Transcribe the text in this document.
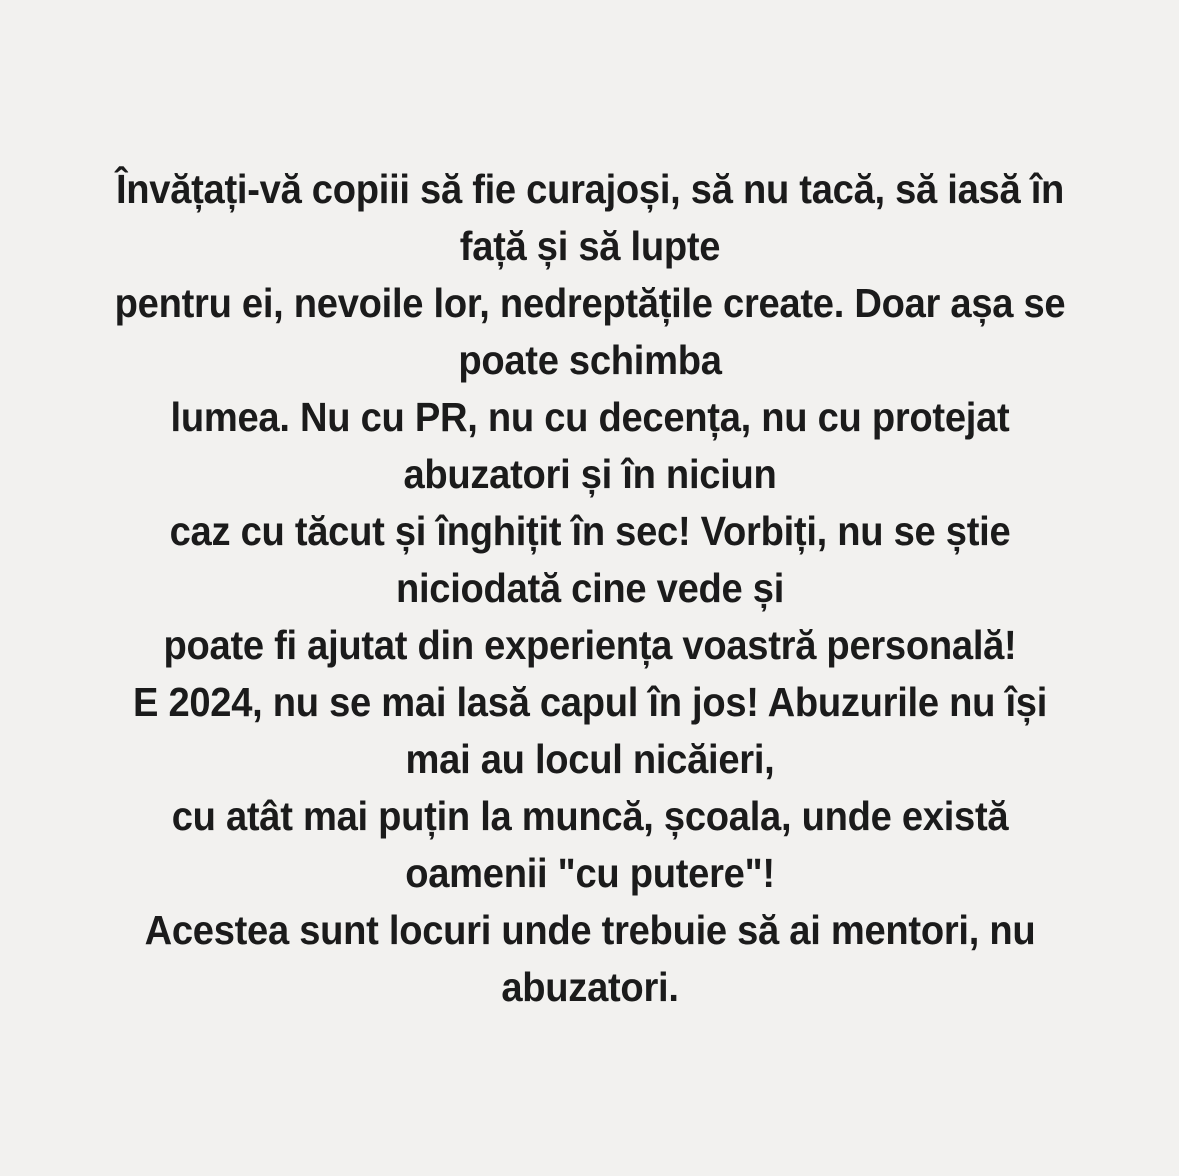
Învățați-vă copiii să fie curajoși, să nu tacă, să iasă în față și să lupte
pentru ei, nevoile lor, nedreptățile create. Doar așa se poate schimba
lumea. Nu cu PR, nu cu decența, nu cu protejat abuzatori și în niciun
caz cu tăcut și înghițit în sec! Vorbiți, nu se știe niciodată cine vede și
poate fi ajutat din experiența voastră personală!

E 2024, nu se mai lasă capul în jos! Abuzurile nu își mai au locul nicăieri,
cu atât mai puțin la muncă, școala, unde există oamenii "cu putere"!
Acestea sunt locuri unde trebuie să ai mentori, nu abuzatori.
